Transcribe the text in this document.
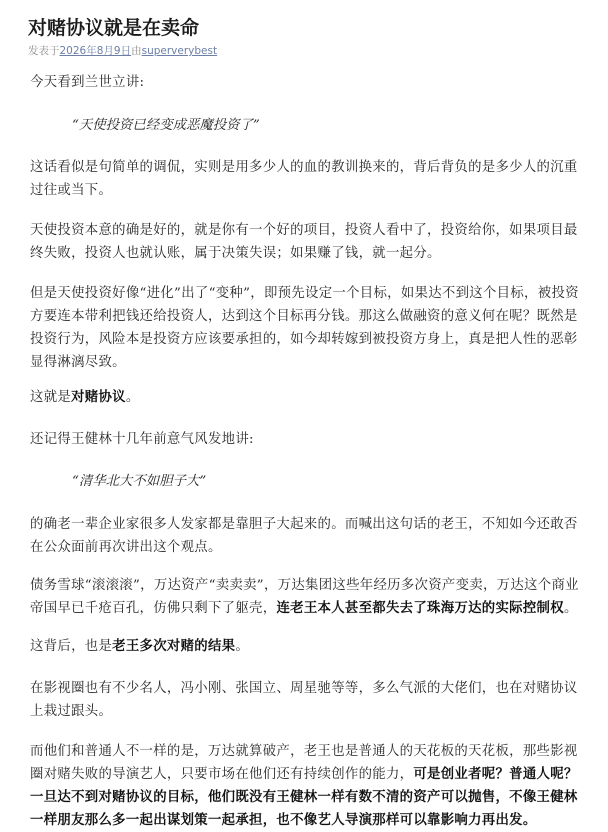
对赌协议就是在卖命
发表于2026年8月9日由superverybest

今天看到兰世立讲:

“天使投资已经变成恶魔投资了”

这话看似是句简单的调侃，实则是用多少人的血的教训换来的，背后背负的是多少人的沉重过往或当下。

天使投资本意的确是好的，就是你有一个好的项目，投资人看中了，投资给你，如果项目最终失败，投资人也就认账，属于决策失误；如果赚了钱，就一起分。

但是天使投资好像“进化”出了“变种”，即预先设定一个目标，如果达不到这个目标，被投资方要连本带利把钱还给投资人，达到这个目标再分钱。那这么做融资的意义何在呢？既然是投资行为，风险本是投资方应该要承担的，如今却转嫁到被投资方身上，真是把人性的恶彰显得淋漓尽致。

这就是对赌协议。

还记得王健林十几年前意气风发地讲:

“清华北大不如胆子大”

的确老一辈企业家很多人发家都是靠胆子大起来的。而喊出这句话的老王，不知如今还敢否在公众面前再次讲出这个观点。

债务雪球“滚滚滚”，万达资产“卖卖卖”，万达集团这些年经历多次资产变卖，万达这个商业帝国早已千疮百孔，仿佛只剩下了躯壳，连老王本人甚至都失去了珠海万达的实际控制权。

这背后，也是老王多次对赌的结果。

在影视圈也有不少名人，冯小刚、张国立、周星驰等等，多么气派的大佬们，也在对赌协议上栽过跟头。

而他们和普通人不一样的是，万达就算破产，老王也是普通人的天花板的天花板，那些影视圈对赌失败的导演艺人，只要市场在他们还有持续创作的能力，可是创业者呢？普通人呢？一旦达不到对赌协议的目标，他们既没有王健林一样有数不清的资产可以抛售，不像王健林一样朋友那么多一起出谋划策一起承担，也不像艺人导演那样可以靠影响力再出发。
